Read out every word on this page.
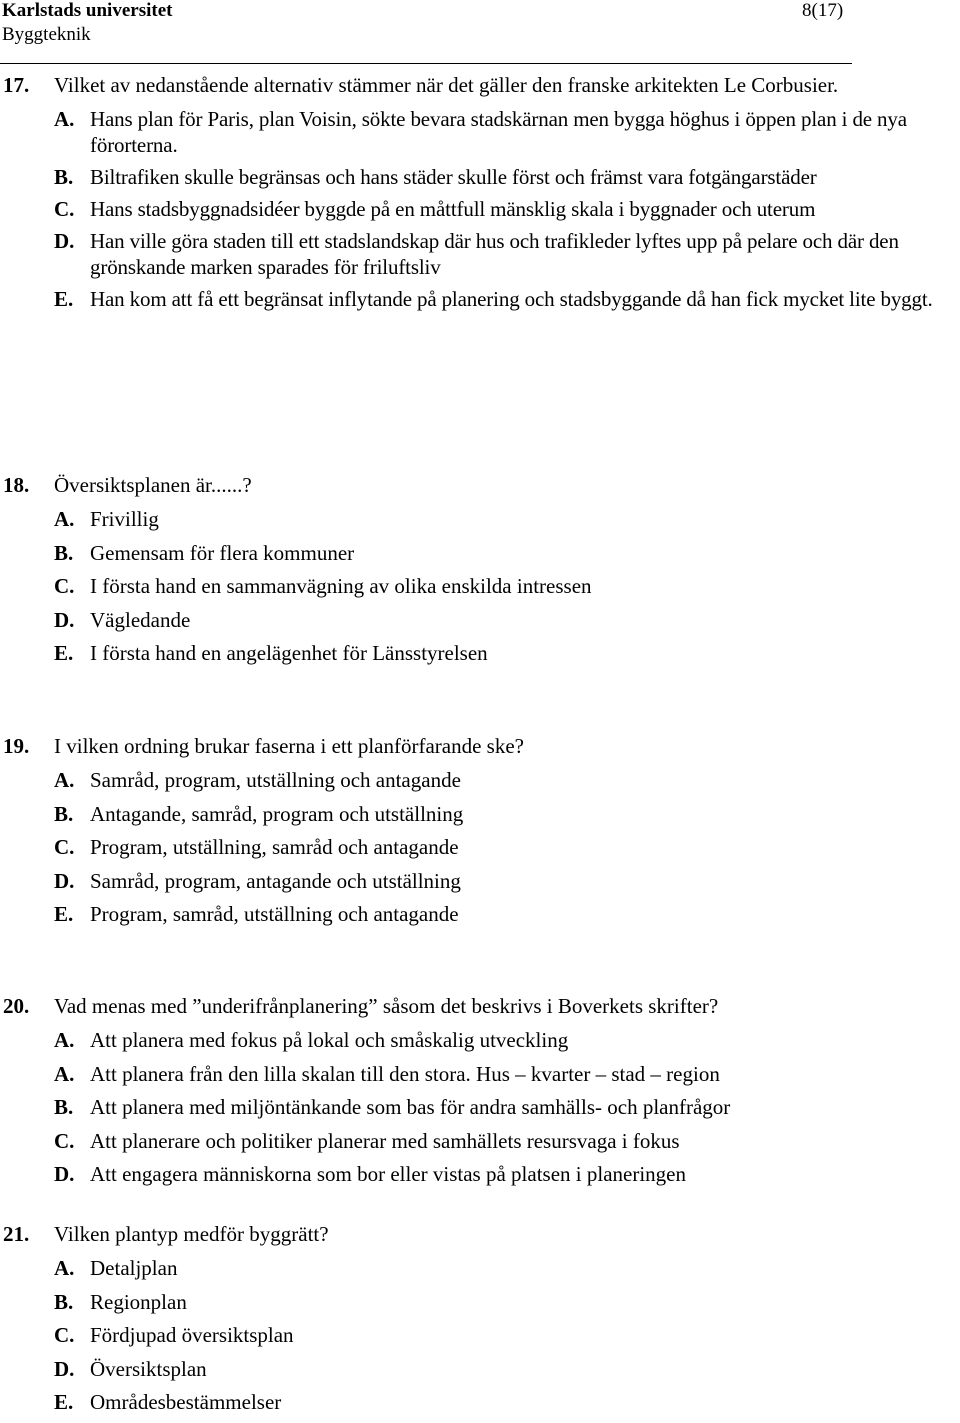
Karlstads universitet
Byggteknik
8(17)
17.	Vilket av nedanstående alternativ stämmer när det gäller den franske arkitekten Le Corbusier.
A. Hans plan för Paris, plan Voisin, sökte bevara stadskärnan men bygga höghus i öppen plan i de nya förorterna.
B. Biltrafiken skulle begränsas och hans städer skulle först och främst vara fotgängarstäder
C. Hans stadsbyggnadsidéer byggde på en måttfull mänsklig skala i byggnader och uterum
D. Han ville göra staden till ett stadslandskap där hus och trafikleder lyftes upp på pelare och där den grönskande marken sparades för friluftsliv
E. Han kom att få ett begränsat inflytande på planering och stadsbyggande då han fick mycket lite byggt.
18.	Översiktsplanen är......?
A. Frivillig
B. Gemensam för flera kommuner
C. I första hand en sammanvägning av olika enskilda intressen
D. Vägledande
E. I första hand en angelägenhet för Länsstyrelsen
19.	I vilken ordning brukar faserna i ett planförfarande ske?
A. Samråd, program, utställning och antagande
B. Antagande, samråd, program och utställning
C. Program, utställning, samråd och antagande
D. Samråd, program, antagande och utställning
E. Program, samråd, utställning och antagande
20.	Vad menas med ”underifrånplanering” såsom det beskrivs i Boverkets skrifter?
A. Att planera med fokus på lokal och småskalig utveckling
A. Att planera från den lilla skalan till den stora. Hus – kvarter – stad – region
B. Att planera med miljöntänkande som bas för andra samhälls- och planfrågor
C. Att planerare och politiker planerar med samhällets resursvaga i fokus
D. Att engagera människorna som bor eller vistas på platsen i planeringen
21.	Vilken plantyp medför byggrätt?
A. Detaljplan
B. Regionplan
C. Fördjupad översiktsplan
D. Översiktsplan
E. Områdesbestämmelser
